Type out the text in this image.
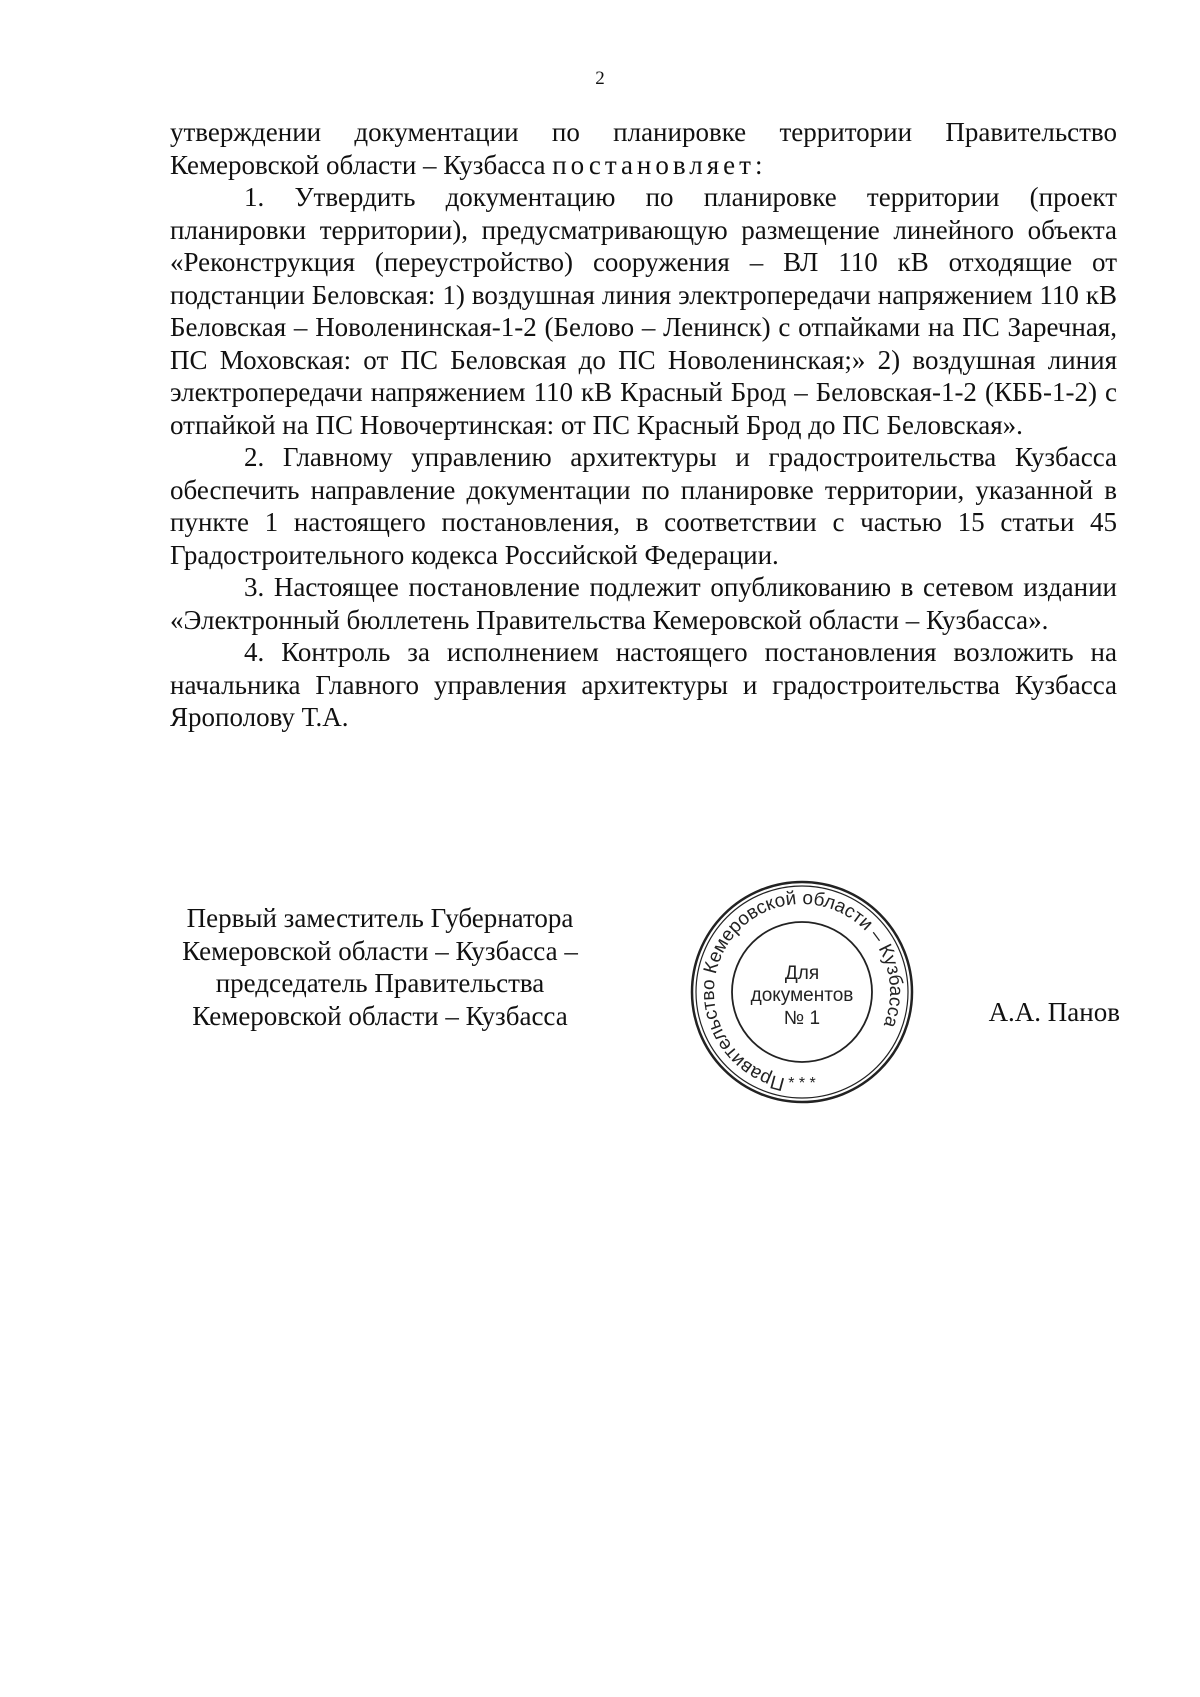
2

утверждении документации по планировке территории Правительство Кемеровской области – Кузбасса постановляет:

1. Утвердить документацию по планировке территории (проект планировки территории), предусматривающую размещение линейного объекта «Реконструкция (переустройство) сооружения – ВЛ 110 кВ отходящие от подстанции Беловская: 1) воздушная линия электропередачи напряжением 110 кВ Беловская – Новоленинская-1-2 (Белово – Ленинск) с отпайками на ПС Заречная, ПС Моховская: от ПС Беловская до ПС Новоленинская;» 2) воздушная линия электропередачи напряжением 110 кВ Красный Брод – Беловская-1-2 (КББ-1-2) с отпайкой на ПС Новочертинская: от ПС Красный Брод до ПС Беловская».

2. Главному управлению архитектуры и градостроительства Кузбасса обеспечить направление документации по планировке территории, указанной в пункте 1 настоящего постановления, в соответствии с частью 15 статьи 45 Градостроительного кодекса Российской Федерации.

3. Настоящее постановление подлежит опубликованию в сетевом издании «Электронный бюллетень Правительства Кемеровской области – Кузбасса».

4. Контроль за исполнением настоящего постановления возложить на начальника Главного управления архитектуры и градостроительства Кузбасса Ярополову Т.А.

Первый заместитель Губернатора
Кемеровской области – Кузбасса –
председатель Правительства
Кемеровской области – Кузбасса
Правительство Кемеровской области – Кузбасса
* * *
Для
документов
№ 1	А.А. Панов
